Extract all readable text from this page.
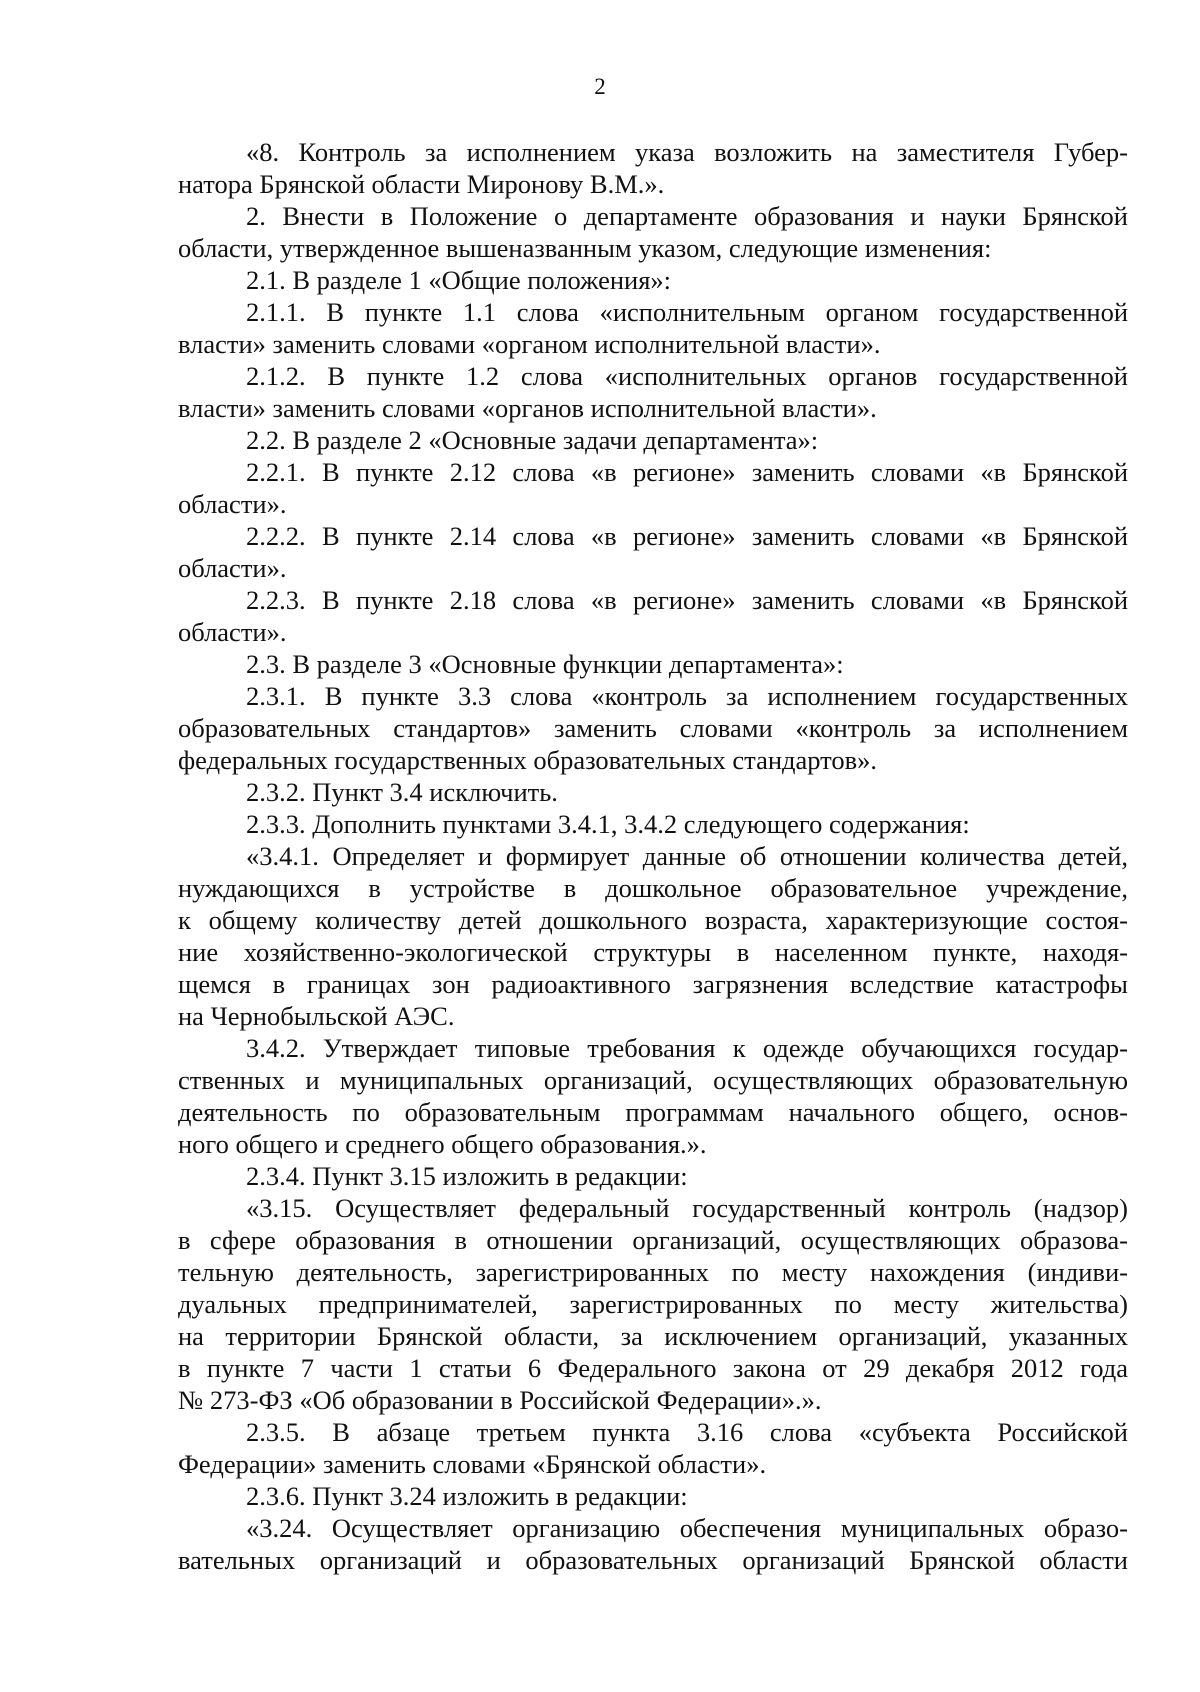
2
«8. Контроль за исполнением указа возложить на заместителя Губер-
натора Брянской области Миронову В.М.».
2. Внести в Положение о департаменте образования и науки Брянской
области, утвержденное вышеназванным указом, следующие изменения:
2.1. В разделе 1 «Общие положения»:
2.1.1. В пункте 1.1 слова «исполнительным органом государственной
власти» заменить словами «органом исполнительной власти».
2.1.2. В пункте 1.2 слова «исполнительных органов государственной
власти» заменить словами «органов исполнительной власти».
2.2. В разделе 2 «Основные задачи департамента»:
2.2.1. В пункте 2.12 слова «в регионе» заменить словами «в Брянской
области».
2.2.2. В пункте 2.14 слова «в регионе» заменить словами «в Брянской
области».
2.2.3. В пункте 2.18 слова «в регионе» заменить словами «в Брянской
области».
2.3. В разделе 3 «Основные функции департамента»:
2.3.1. В пункте 3.3 слова «контроль за исполнением государственных
образовательных стандартов» заменить словами «контроль за исполнением
федеральных государственных образовательных стандартов».
2.3.2. Пункт 3.4 исключить.
2.3.3. Дополнить пунктами 3.4.1, 3.4.2 следующего содержания:
«3.4.1. Определяет и формирует данные об отношении количества детей,
нуждающихся в устройстве в дошкольное образовательное учреждение,
к общему количеству детей дошкольного возраста, характеризующие состоя-
ние хозяйственно-экологической структуры в населенном пункте, находя-
щемся в границах зон радиоактивного загрязнения вследствие катастрофы
на Чернобыльской АЭС.
3.4.2. Утверждает типовые требования к одежде обучающихся государ-
ственных и муниципальных организаций, осуществляющих образовательную
деятельность по образовательным программам начального общего, основ-
ного общего и среднего общего образования.».
2.3.4. Пункт 3.15 изложить в редакции:
«3.15. Осуществляет федеральный государственный контроль (надзор)
в сфере образования в отношении организаций, осуществляющих образова-
тельную деятельность, зарегистрированных по месту нахождения (индиви-
дуальных предпринимателей, зарегистрированных по месту жительства)
на территории Брянской области, за исключением организаций, указанных
в пункте 7 части 1 статьи 6 Федерального закона от 29 декабря 2012 года
№ 273-ФЗ «Об образовании в Российской Федерации».».
2.3.5. В абзаце третьем пункта 3.16 слова «субъекта Российской
Федерации» заменить словами «Брянской области».
2.3.6. Пункт 3.24 изложить в редакции:
«3.24. Осуществляет организацию обеспечения муниципальных образо-
вательных организаций и образовательных организаций Брянской области
